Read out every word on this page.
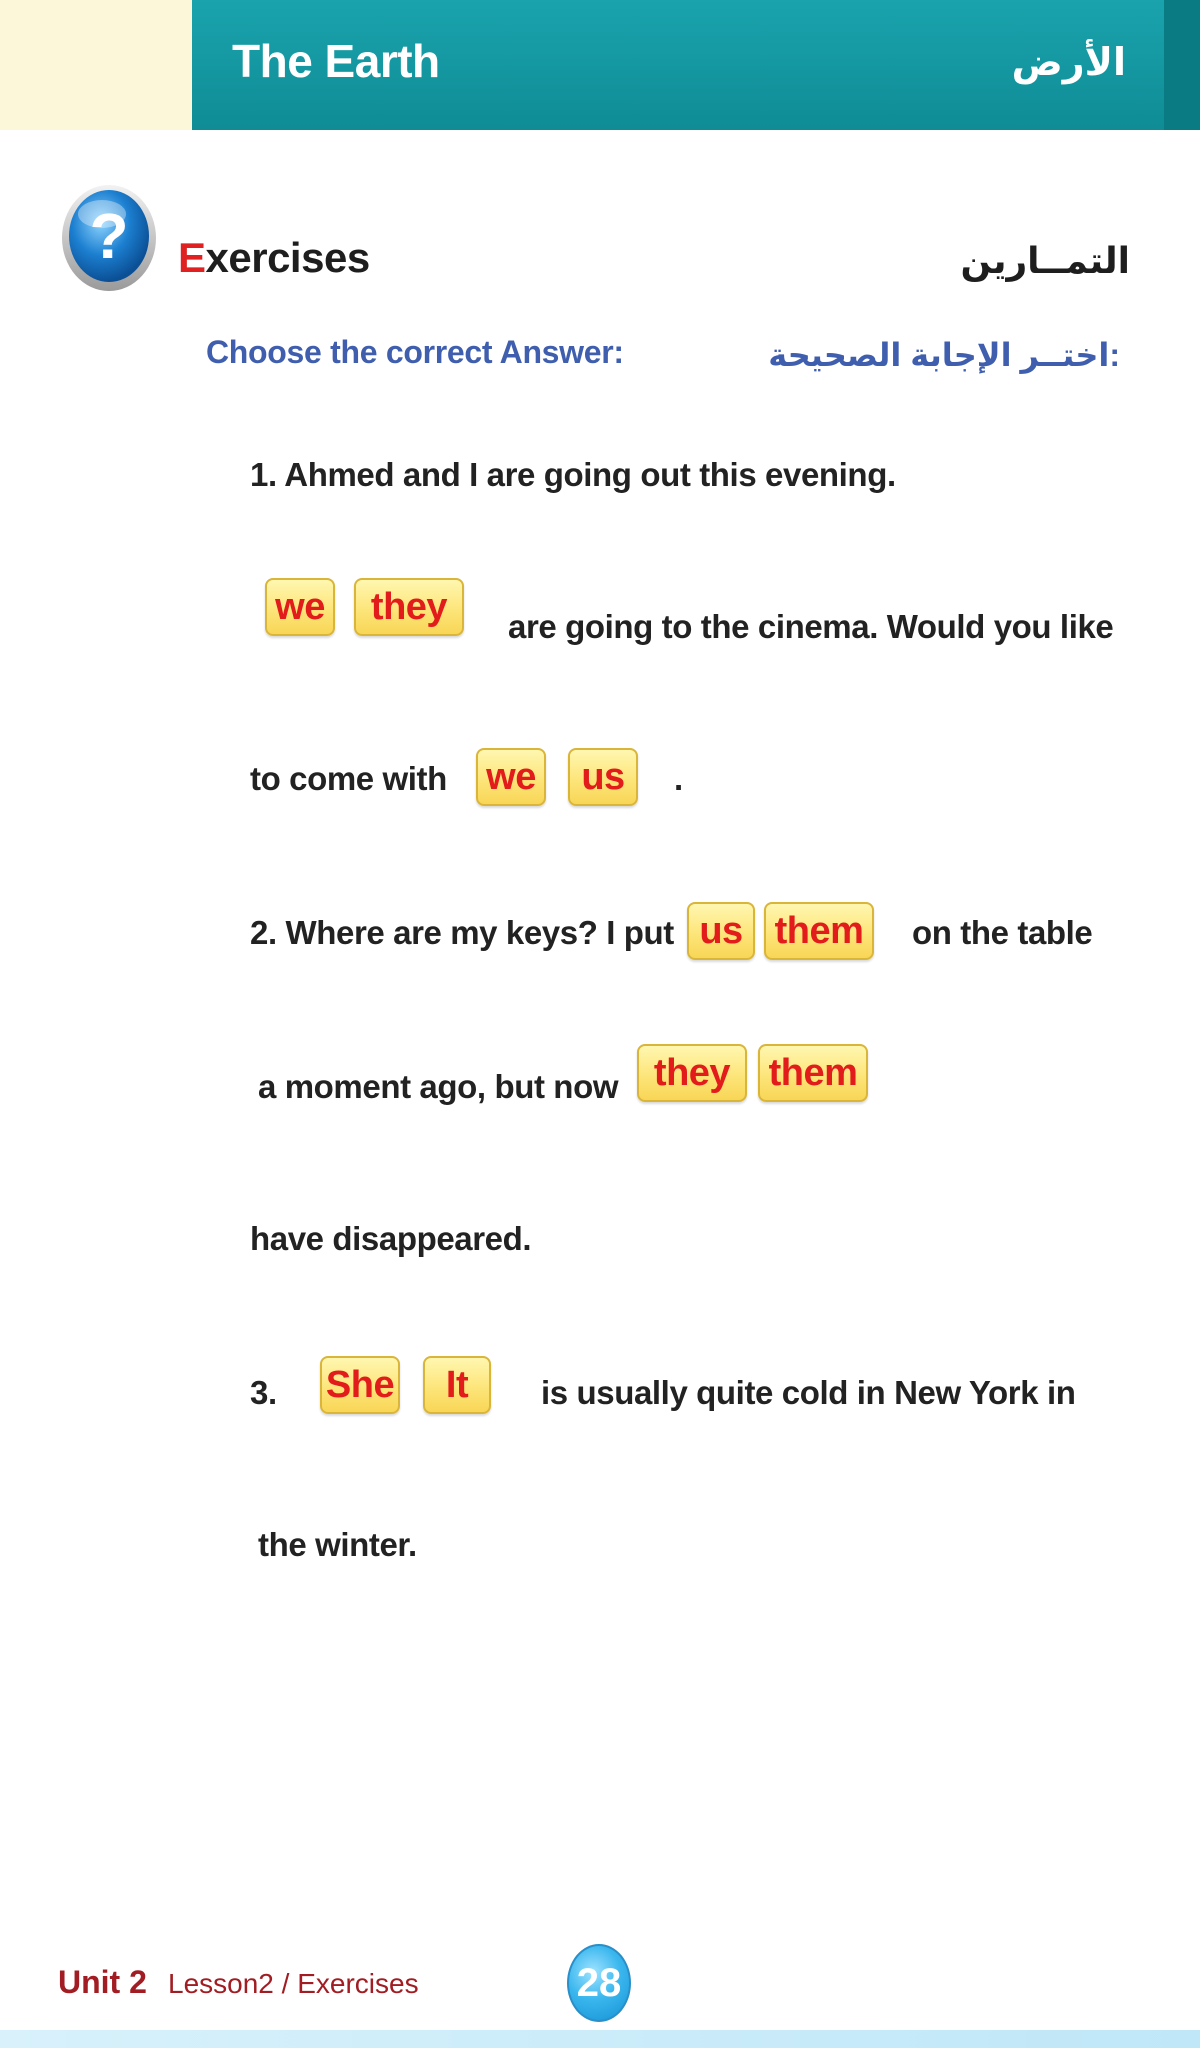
The Earth	الأرض
? Exercises	التمــارين
Choose the correct Answer:	:اختــر الإجابة الصحيحة
1. Ahmed and I are going out this evening.
we	they	are going to the cinema. Would you like
to come with we	us	.
2. Where are my keys? I put us them	on the table
a moment ago, but now they	them
have disappeared.
3. She	It	is usually quite cold in New York in
the winter.
Unit 2 Lesson2 / Exercises	28
